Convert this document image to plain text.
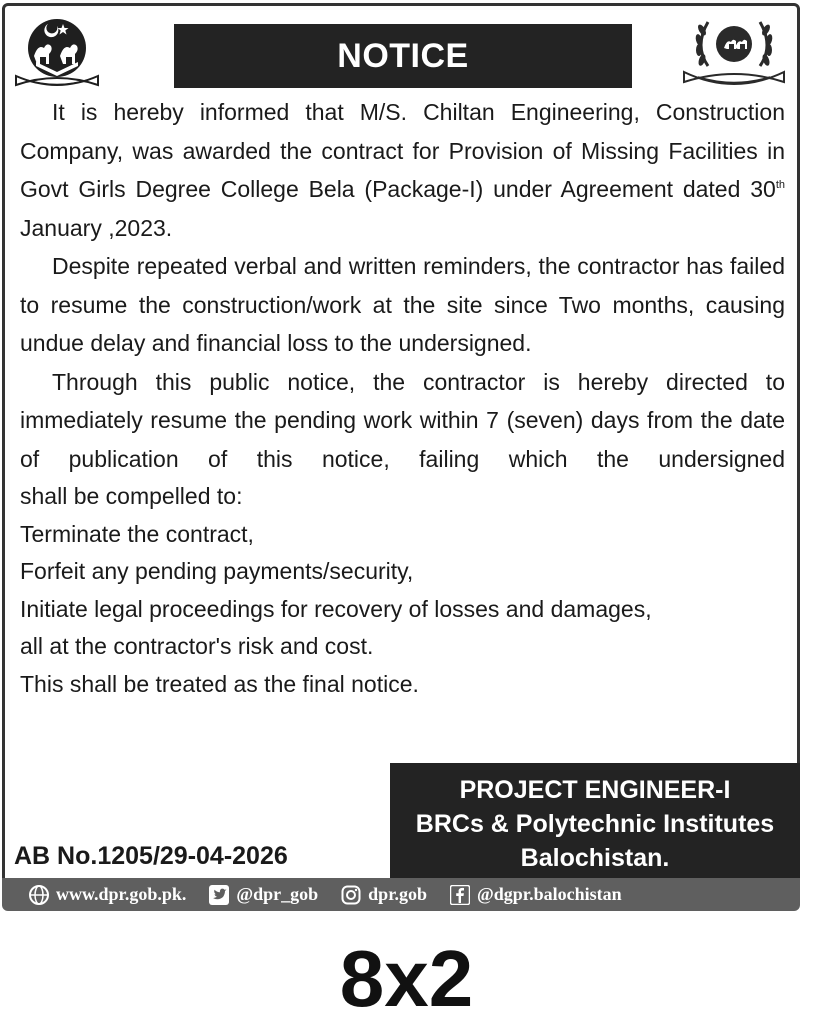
NOTICE

It is hereby informed that M/S. Chiltan Engineering, Construction Company, was awarded the contract for Provision of Missing Facilities in Govt Girls Degree College Bela (Package-I) under Agreement dated 30th January ,2023.

Despite repeated verbal and written reminders, the contractor has failed to resume the construction/work at the site since Two months, causing undue delay and financial loss to the undersigned.

Through this public notice, the contractor is hereby directed to immediately resume the pending work within 7 (seven) days from the date of publication of this notice, failing which the undersigned

shall be compelled to:

Terminate the contract,

Forfeit any pending payments/security,

Initiate legal proceedings for recovery of losses and damages,

all at the contractor's risk and cost.

This shall be treated as the final notice.

PROJECT ENGINEER-I
BRCs & Polytechnic Institutes
Balochistan.
AB No.1205/29-04-2026
www.dpr.gob.pk.	@dpr_gob	dpr.gob	@dgpr.balochistan
8x2
